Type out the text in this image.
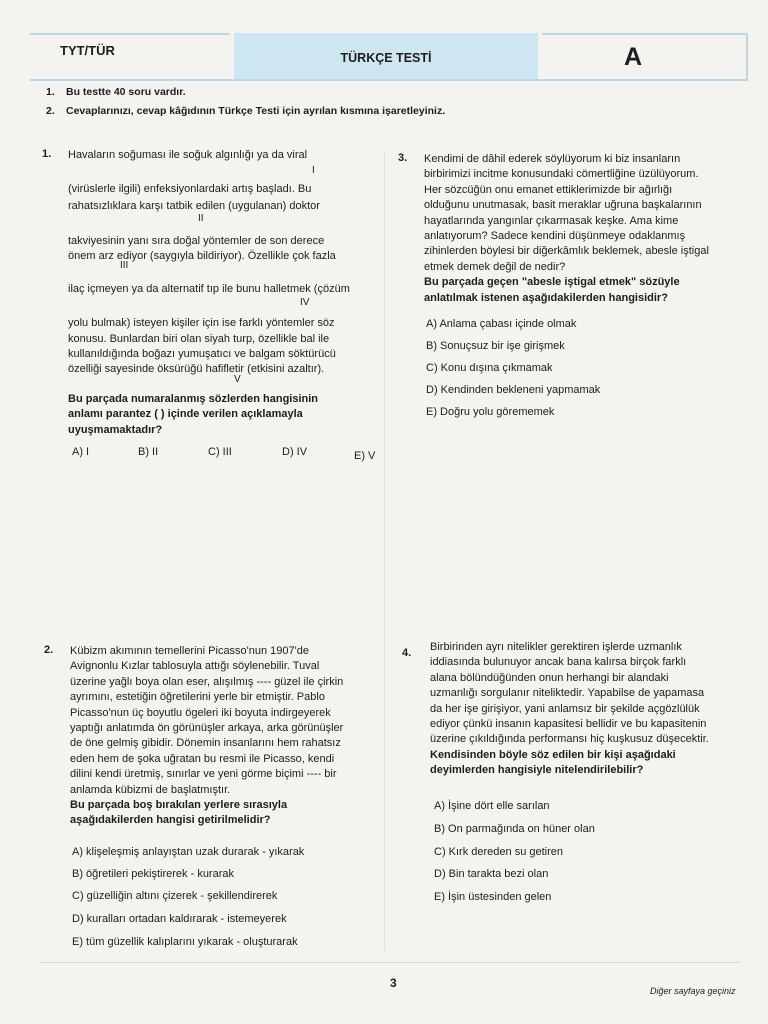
TYT/TÜR	TÜRKÇE TESTİ	A
1. Bu testte 40 soru vardır.
2. Cevaplarınızı, cevap kâğıdının Türkçe Testi için ayrılan kısmına işaretleyiniz.
1. Havaların soğuması ile soğuk algınlığı ya da viral
(virüslerle ilgili) enfeksiyonlardaki artış başladı. Bu
rahatsızlıklara karşı tatbik edilen (uygulanan) doktor
takviyesinin yanı sıra doğal yöntemler de son derece
önem arz ediyor (saygıyla bildiriyor). Özellikle çok fazla
ilaç içmeyen ya da alternatif tıp ile bunu halletmek (çözüm
yolu bulmak) isteyen kişiler için ise farklı yöntemler söz
konusu. Bunlardan biri olan siyah turp, özellikle bal ile
kullanıldığında boğazı yumuşatıcı ve balgam söktürücü
özelliği sayesinde öksürüğü hafifletir (etkisini azaltır).
I
II
III
IV
V
Bu parçada numaralanmış sözlerden hangisinin
anlamı parantez ( ) içinde verilen açıklamayla
uyuşmamaktadır?
A) I	B) II	C) III	D) IV	E) V
3. Kendimi de dâhil ederek söylüyorum ki biz insanların
birbirimizi incitme konusundaki cömertliğine üzülüyorum.
Her sözcüğün onu emanet ettiklerimizde bir ağırlığı
olduğunu unutmasak, basit meraklar uğruna başkalarının
hayatlarında yangınlar çıkarmasak keşke. Ama kime
anlatıyorum? Sadece kendini düşünmeye odaklanmış
zihinlerden böylesi bir diğerkâmlık beklemek, abesle iştigal
etmek demek değil de nedir?
Bu parçada geçen "abesle iştigal etmek" sözüyle
anlatılmak istenen aşağıdakilerden hangisidir?
A) Anlama çabası içinde olmak
B) Sonuçsuz bir işe girişmek
C) Konu dışına çıkmamak
D) Kendinden bekleneni yapmamak
E) Doğru yolu görememek
2. Kübizm akımının temellerini Picasso'nun 1907'de
Avignonlu Kızlar tablosuyla attığı söylenebilir. Tuval
üzerine yağlı boya olan eser, alışılmış ---- güzel ile çirkin
ayrımını, estetiğin öğretilerini yerle bir etmiştir. Pablo
Picasso'nun üç boyutlu ögeleri iki boyuta indirgeyerek
yaptığı anlatımda ön görünüşler arkaya, arka görünüşler
de öne gelmiş gibidir. Dönemin insanlarını hem rahatsız
eden hem de şoka uğratan bu resmi ile Picasso, kendi
dilini kendi üretmiş, sınırlar ve yeni görme biçimi ---- bir
anlamda kübizmi de başlatmıştır.
Bu parçada boş bırakılan yerlere sırasıyla
aşağıdakilerden hangisi getirilmelidir?
A) klişeleşmiş anlayıştan uzak durarak - yıkarak
B) öğretileri pekiştirerek - kurarak
C) güzelliğin altını çizerek - şekillendirerek
D) kuralları ortadan kaldırarak - istemeyerek
E) tüm güzellik kalıplarını yıkarak - oluşturarak
4. Birbirinden ayrı nitelikler gerektiren işlerde uzmanlık
iddiasında bulunuyor ancak bana kalırsa birçok farklı
alana bölündüğünden onun herhangi bir alandaki
uzmanlığı sorgulanır niteliktedir. Yapabilse de yapamasa
da her işe girişiyor, yani anlamsız bir şekilde açgözlülük
ediyor çünkü insanın kapasitesi bellidir ve bu kapasitenin
üzerine çıkıldığında performansı hiç kuşkusuz düşecektir.
Kendisinden böyle söz edilen bir kişi aşağıdaki
deyimlerden hangisiyle nitelendirilebilir?
A) İşine dört elle sarılan
B) On parmağında on hüner olan
C) Kırk dereden su getiren
D) Bin tarakta bezi olan
E) İşin üstesinden gelen
3
Diğer sayfaya geçiniz
